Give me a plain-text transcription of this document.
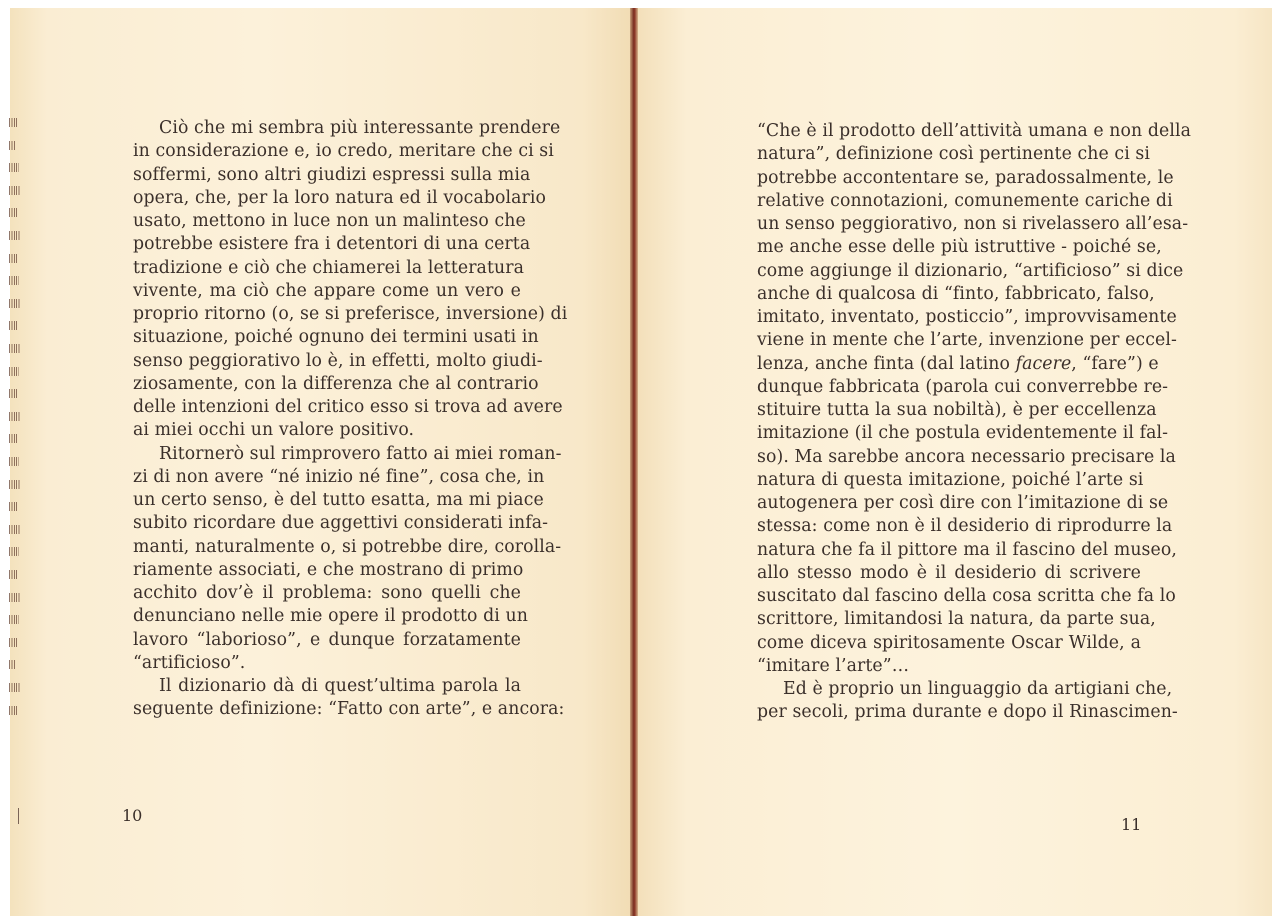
Ciò che mi sembra più interessante prendere
in considerazione e, io credo, meritare che ci si
soffermi, sono altri giudizi espressi sulla mia
opera, che, per la loro natura ed il vocabolario
usato, mettono in luce non un malinteso che
potrebbe esistere fra i detentori di una certa
tradizione e ciò che chiamerei la letteratura
vivente, ma ciò che appare come un vero e
proprio ritorno (o, se si preferisce, inversione) di
situazione, poiché ognuno dei termini usati in
senso peggiorativo lo è, in effetti, molto giudi-
ziosamente, con la differenza che al contrario
delle intenzioni del critico esso si trova ad avere
ai miei occhi un valore positivo.
Ritornerò sul rimprovero fatto ai miei roman-
zi di non avere “né inizio né fine”, cosa che, in
un certo senso, è del tutto esatta, ma mi piace
subito ricordare due aggettivi considerati infa-
manti, naturalmente o, si potrebbe dire, corolla-
riamente associati, e che mostrano di primo
acchito dov’è il problema: sono quelli che
denunciano nelle mie opere il prodotto di un
lavoro “laborioso”, e dunque forzatamente
“artificioso”.
Il dizionario dà di quest’ultima parola la
seguente definizione: “Fatto con arte”, e ancora:
“Che è il prodotto dell’attività umana e non della
natura”, definizione così pertinente che ci si
potrebbe accontentare se, paradossalmente, le
relative connotazioni, comunemente cariche di
un senso peggiorativo, non si rivelassero all’esa-
me anche esse delle più istruttive - poiché se,
come aggiunge il dizionario, “artificioso” si dice
anche di qualcosa di “finto, fabbricato, falso,
imitato, inventato, posticcio”, improvvisamente
viene in mente che l’arte, invenzione per eccel-
lenza, anche finta (dal latino facere, “fare”) e
dunque fabbricata (parola cui converrebbe re-
stituire tutta la sua nobiltà), è per eccellenza
imitazione (il che postula evidentemente il fal-
so). Ma sarebbe ancora necessario precisare la
natura di questa imitazione, poiché l’arte si
autogenera per così dire con l’imitazione di se
stessa: come non è il desiderio di riprodurre la
natura che fa il pittore ma il fascino del museo,
allo stesso modo è il desiderio di scrivere
suscitato dal fascino della cosa scritta che fa lo
scrittore, limitandosi la natura, da parte sua,
come diceva spiritosamente Oscar Wilde, a
“imitare l’arte”…
Ed è proprio un linguaggio da artigiani che,
per secoli, prima durante e dopo il Rinascimen-
10	11
